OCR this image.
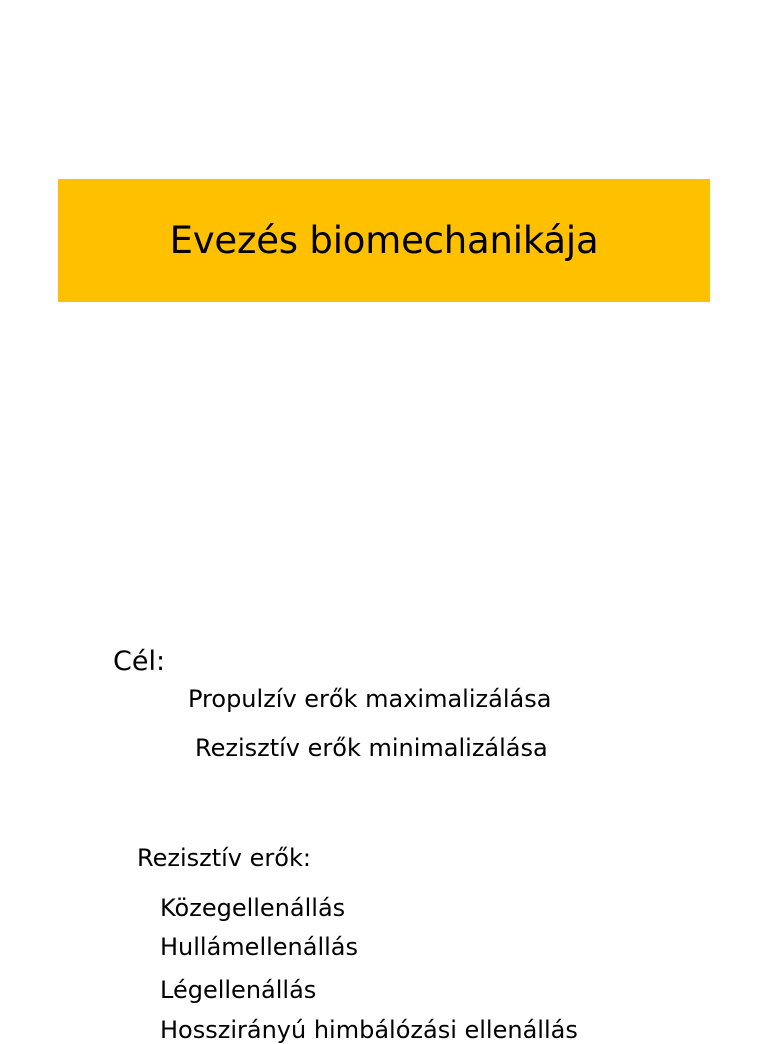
Evezés biomechanikája
Cél:
Propulzív erők maximalizálása
Rezisztív erők minimalizálása
Rezisztív erők:
Közegellenállás
Hullámellenállás
Légellenállás
Hosszirányú himbálózási ellenállás
